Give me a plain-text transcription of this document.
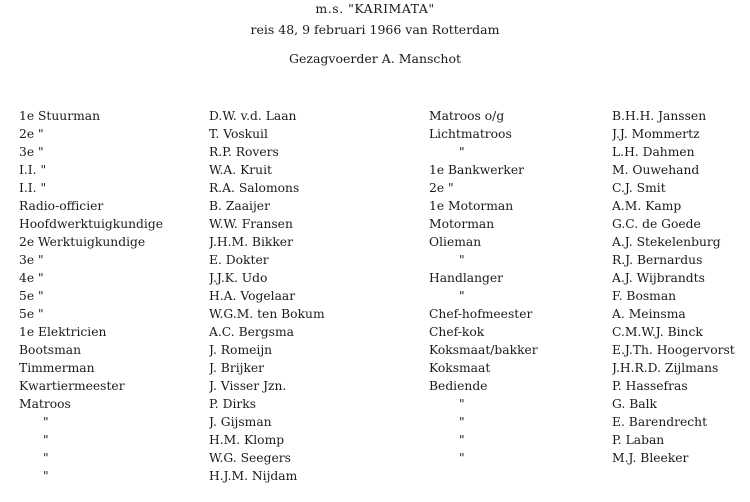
m.s. "KARIMATA"
reis 48, 9 februari 1966 van Rotterdam
Gezagvoerder A. Manschot
1e Stuurman
2e "
3e "
I.I. "
I.I. "
Radio-officier
Hoofdwerktuigkundige
2e Werktuigkundige
3e "
4e "
5e "
5e "
1e Elektricien
Bootsman
Timmerman
Kwartiermeester
Matroos
"
"
"
"
D.W. v.d. Laan
T. Voskuil
R.P. Rovers
W.A. Kruit
R.A. Salomons
B. Zaaijer
W.W. Fransen
J.H.M. Bikker
E. Dokter
J.J.K. Udo
H.A. Vogelaar
W.G.M. ten Bokum
A.C. Bergsma
J. Romeijn
J. Brijker
J. Visser Jzn.
P. Dirks
J. Gijsman
H.M. Klomp
W.G. Seegers
H.J.M. Nijdam
Matroos o/g
Lichtmatroos
"
1e Bankwerker
2e "
1e Motorman
Motorman
Olieman
"
Handlanger
"
Chef-hofmeester
Chef-kok
Koksmaat/bakker
Koksmaat
Bediende
"
"
"
"
B.H.H. Janssen
J.J. Mommertz
L.H. Dahmen
M. Ouwehand
C.J. Smit
A.M. Kamp
G.C. de Goede
A.J. Stekelenburg
R.J. Bernardus
A.J. Wijbrandts
F. Bosman
A. Meinsma
C.M.W.J. Binck
E.J.Th. Hoogervorst
J.H.R.D. Zijlmans
P. Hassefras
G. Balk
E. Barendrecht
P. Laban
M.J. Bleeker
